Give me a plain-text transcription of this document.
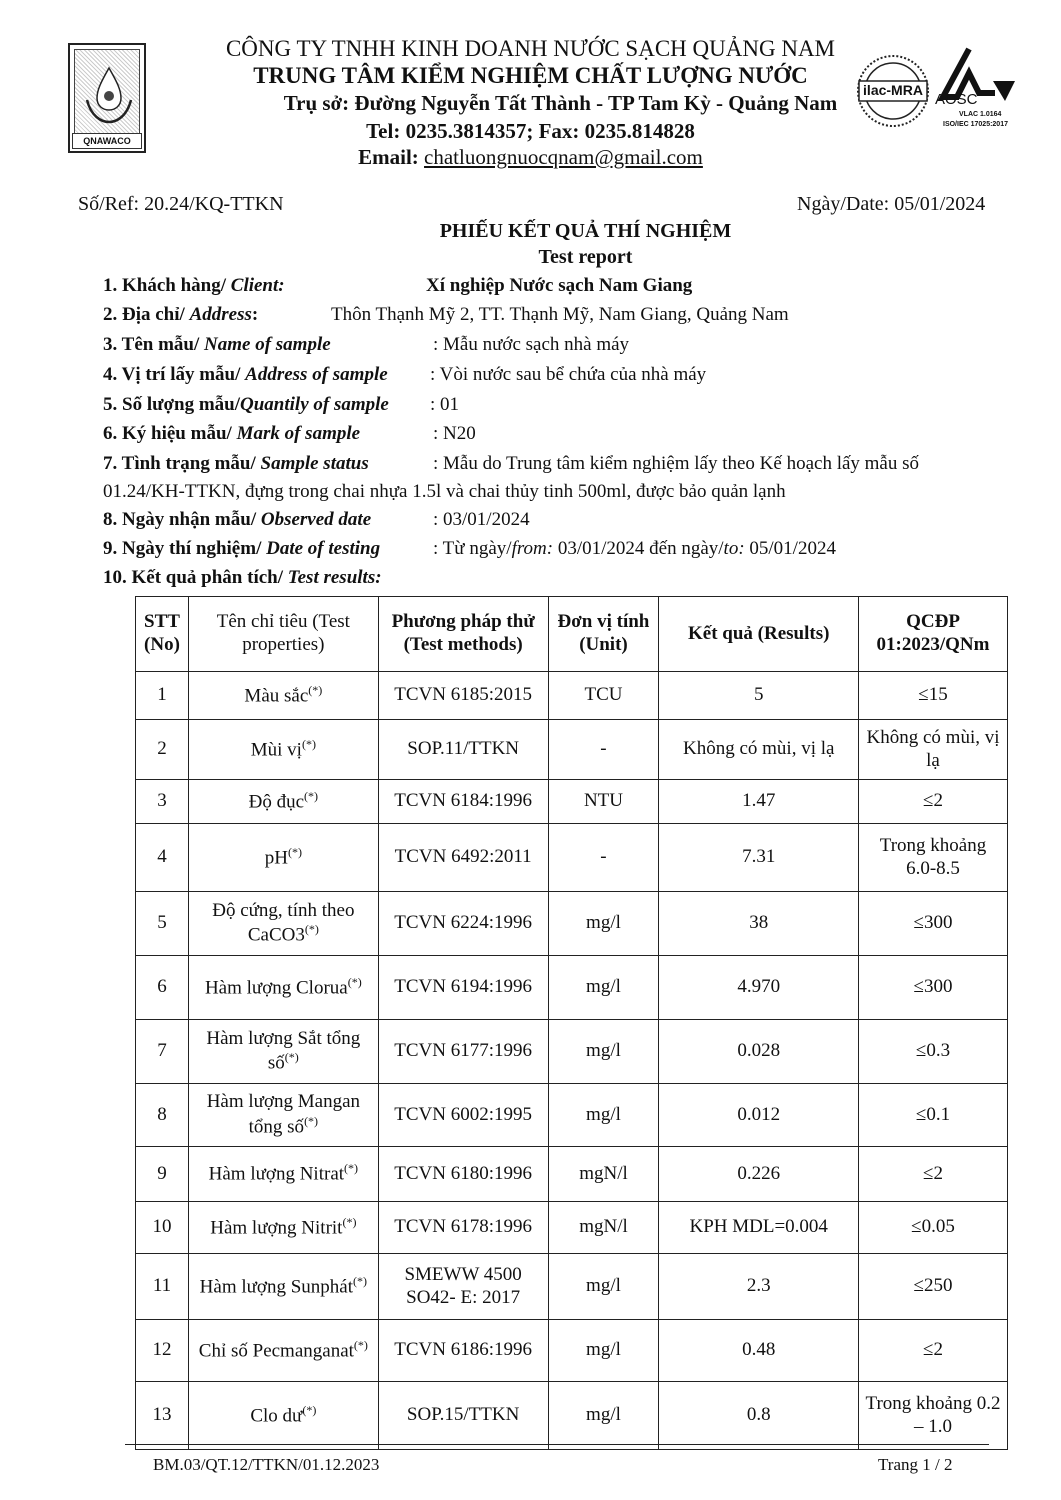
QNAWACO
CÔNG TY TNHH KINH DOANH NƯỚC SẠCH QUẢNG NAM
TRUNG TÂM KIỂM NGHIỆM CHẤT LƯỢNG NƯỚC
Trụ sở: Đường Nguyễn Tất Thành - TP Tam Kỳ - Quảng Nam
Tel: 0235.3814357; Fax: 0235.814828
Email: chatluongnuocqnam@gmail.com
ilac-MRA
AOSC
VLAC 1.0164
ISO/IEC 17025:2017
Số/Ref: 20.24/KQ-TTKN	Ngày/Date: 05/01/2024
PHIẾU KẾT QUẢ THÍ NGHIỆM
Test report
1. Khách hàng/ Client:	Xí nghiệp Nước sạch Nam Giang
2. Địa chỉ/ Address:	Thôn Thạnh Mỹ 2, TT. Thạnh Mỹ, Nam Giang, Quảng Nam
3. Tên mẫu/ Name of sample	: Mẫu nước sạch nhà máy
4. Vị trí lấy mẫu/ Address of sample : Vòi nước sau bể chứa của nhà máy
5. Số lượng mẫu/Quantily of sample : 01
6. Ký hiệu mẫu/ Mark of sample	: N20
7. Tình trạng mẫu/ Sample status	: Mẫu do Trung tâm kiểm nghiệm lấy theo Kế hoạch lấy mẫu số
01.24/KH-TTKN, đựng trong chai nhựa 1.5l và chai thủy tinh 500ml, được bảo quản lạnh
8. Ngày nhận mẫu/ Observed date	: 03/01/2024
9. Ngày thí nghiệm/ Date of testing	: Từ ngày/from: 03/01/2024 đến ngày/to: 05/01/2024
10. Kết quả phân tích/ Test results:
STT (No)	Tên chỉ tiêu (Test properties)	Phương pháp thử (Test methods)	Đơn vị tính (Unit)	Kết quả (Results)	QCĐP 01:2023/QNm
1	Màu sắc(*)	TCVN 6185:2015	TCU	5	≤15
2	Mùi vị(*)	SOP.11/TTKN	-	Không có mùi, vị lạ	Không có mùi, vị lạ
3	Độ đục(*)	TCVN 6184:1996	NTU	1.47	≤2
4	pH(*)	TCVN 6492:2011	-	7.31	Trong khoảng 6.0-8.5
5	Độ cứng, tính theo CaCO3(*)	TCVN 6224:1996	mg/l	38	≤300
6	Hàm lượng Clorua(*)	TCVN 6194:1996	mg/l	4.970	≤300
7	Hàm lượng Sắt tổng số(*)	TCVN 6177:1996	mg/l	0.028	≤0.3
8	Hàm lượng Mangan tổng số(*)	TCVN 6002:1995	mg/l	0.012	≤0.1
9	Hàm lượng Nitrat(*)	TCVN 6180:1996	mgN/l	0.226	≤2
10	Hàm lượng Nitrit(*)	TCVN 6178:1996	mgN/l	KPH MDL=0.004	≤0.05
11	Hàm lượng Sunphát(*)	SMEWW 4500 SO42- E: 2017	mg/l	2.3	≤250
12	Chỉ số Pecmanganat(*)	TCVN 6186:1996	mg/l	0.48	≤2
13	Clo dư(*)	SOP.15/TTKN	mg/l	0.8	Trong khoảng 0.2 – 1.0
BM.03/QT.12/TTKN/01.12.2023	Trang 1 / 2
